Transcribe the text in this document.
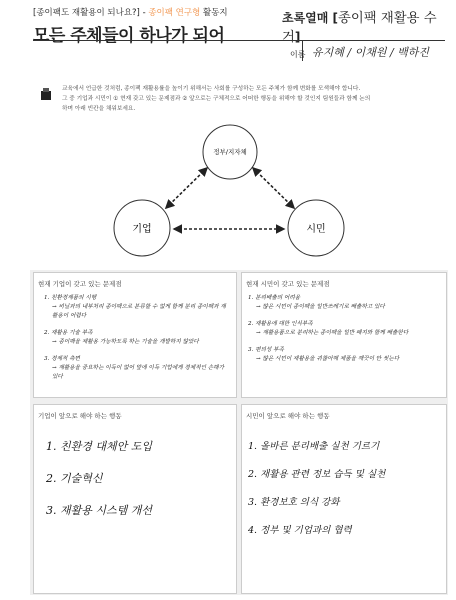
[종이팩도 재활용이 되나요?] - 종이팩 연구형 활동지
모든 주체들이 하나가 되어
초록열매 [종이팩 재활용 수거]
이름 유지혜 / 이채원 / 백하진
교육에서 언급한 것처럼, 종이팩 재활용률을 높이기 위해서는 사회를 구성하는 모든 주체가 함께 변화를 모색해야 합니다.
그 중 기업과 시민이 ① 현재 갖고 있는 문제점과 ② 앞으로는 구체적으로 어떠한 행동을 위해야 할 것인지 팀원들과 함께 논의
하며 아래 빈칸을 채워보세요.
정부/지자체
기업	시민
현재 기업이 갖고 있는 문제점
1. 친환경제품의 시행
→ 비닐과의 내부처리 종이팩으로 분류할 수 없게 함께 분리 종이팩과 재활용이 어렵다
2. 재활용 기술 부족
→ 종이팩을 재활용 가능하도록 하는 기술을 개발하지 않았다
3. 경제적 측면
→ 재활용을 중요하는 이득이 없어 앞에 이득 기업에게 경제적인 손해가 있다
현재 시민이 갖고 있는 문제점
1. 분리배출의 어려움
→ 많은 시민이 종이팩을 일반쓰레기로 배출하고 있다
2. 재활용에 대한 인식부족
→ 재활용품으로 분리하는 종이팩을 일반 폐지와 함께 배출한다
3. 편의성 부족
→ 많은 시민이 재활용을 귀찮아해 제품을 깨끗이 안 씻는다
기업이 앞으로 해야 하는 행동
1. 친환경 대체안 도입
2. 기술혁신
3. 재활용 시스템 개선
시민이 앞으로 해야 하는 행동
1. 올바른 분리배출 실천 기르기
2. 재활용 관련 정보 습득 및 실천
3. 환경보호 의식 강화
4. 정부 및 기업과의 협력
